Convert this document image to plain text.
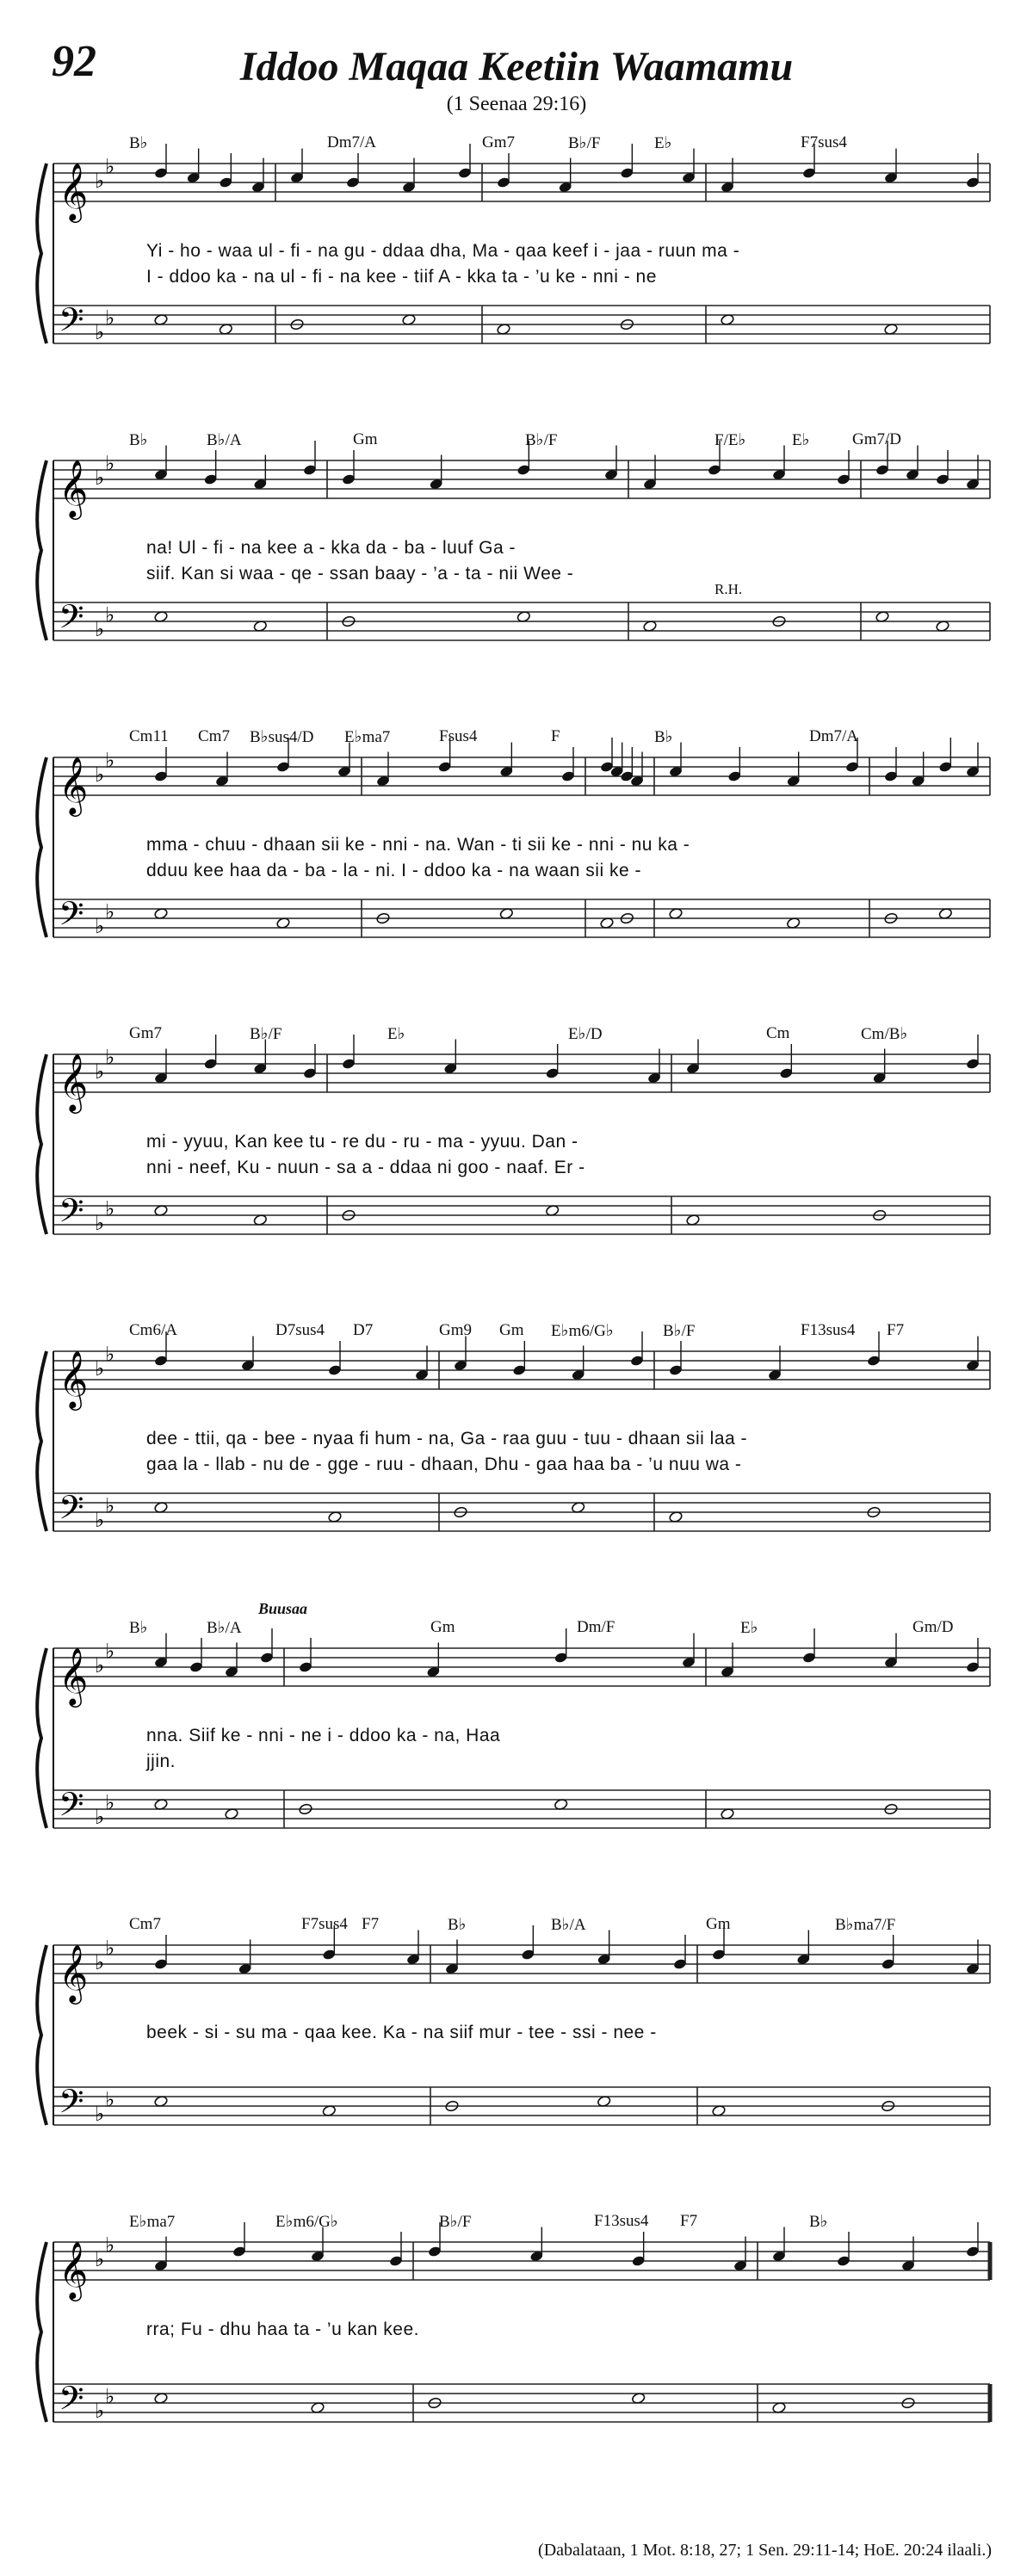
92	Iddoo Maqaa Keetiin Waamamu
(1 Seenaa 29:16)
𝄞
𝄢
♭
♭
♭
♭
B♭	Dm7/A	Gm7	B♭/F	E♭	F7sus4
Yi - ho - waa ul - fi - na gu - ddaa dha, Ma - qaa keef i - jaa - ruun ma -
I - ddoo ka - na ul - fi - na kee - tiif A - kka ta - ’u ke - nni - ne
𝄞
𝄢
♭
♭
♭
♭
B♭	B♭/A	Gm	B♭/F	F/E♭	E♭	Gm7/D
na! Ul - fi - na kee a - kka da - ba - luuf Ga -
siif. Kan si waa - qe - ssan baay - ’a - ta - nii Wee -
R.H.
𝄞
𝄢
♭
♭
♭
♭
Cm11 Cm7 B♭sus4/D E♭ma7	Fsus4	F	B♭	Dm7/A
mma - chuu - dhaan sii ke - nni - na. Wan - ti sii ke - nni - nu ka -
dduu kee haa da - ba - la - ni. I - ddoo ka - na waan sii ke -
𝄞
𝄢
♭
♭
♭
♭
Gm7	B♭/F	E♭	E♭/D	Cm	Cm/B♭
mi - yyuu, Kan kee tu - re du - ru - ma - yyuu. Dan -
nni - neef, Ku - nuun - sa a - ddaa ni goo - naaf. Er -
𝄞
𝄢
♭
♭
♭
♭
Cm6/A	D7sus4 D7	Gm9 Gm E♭m6/G♭	B♭/F	F13sus4 F7
dee - ttii, qa - bee - nyaa fi hum - na, Ga - raa guu - tuu - dhaan sii laa -
gaa la - llab - nu de - gge - ruu - dhaan, Dhu - gaa haa ba - ’u nuu wa -
𝄞
𝄢
♭
♭
♭
♭
B♭	B♭/A	Gm	Dm/F	E♭	Gm/D
nna. Siif ke - nni - ne i - ddoo ka - na, Haa
jjin.
Buusaa
𝄞
𝄢
♭
♭
♭
♭
Cm7	F7sus4 F7	B♭	B♭/A	Gm	B♭ma7/F
beek - si - su ma - qaa kee. Ka - na siif mur - tee - ssi - nee -
𝄞
𝄢
♭
♭
♭
♭
E♭ma7	E♭m6/G♭	B♭/F	F13sus4 F7	B♭
rra; Fu - dhu haa ta - ’u kan kee.
(Dabalataan, 1 Mot. 8:18, 27; 1 Sen. 29:11-14; HoE. 20:24 ilaali.)
